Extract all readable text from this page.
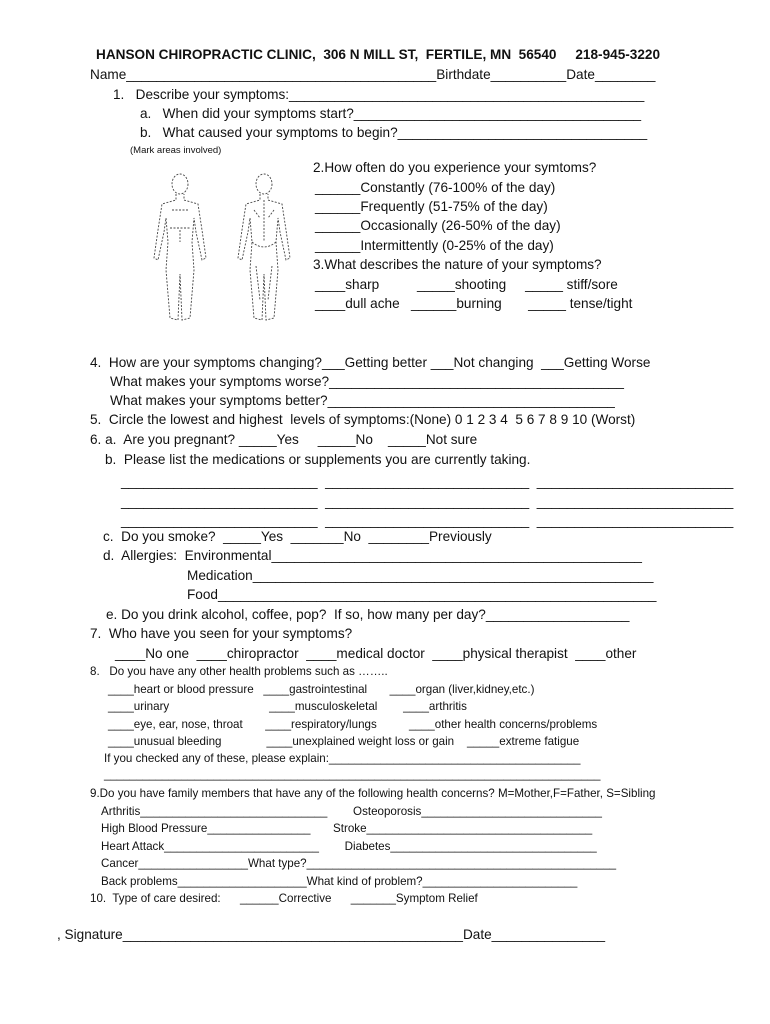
HANSON CHIROPRACTIC CLINIC,  306 N MILL ST,  FERTILE, MN  56540     218-945-3220
Name_________________________________________Birthdate__________Date________
1.   Describe your symptoms:_______________________________________________
a.   When did your symptoms start?______________________________________
b.   What caused your symptoms to begin?_________________________________
(Mark areas involved)
2.How often do you experience your symtoms?
______Constantly (76-100% of the day)
______Frequently (51-75% of the day)
______Occasionally (26-50% of the day)
______Intermittently (0-25% of the day)
3.What describes the nature of your symptoms?
____sharp          _____shooting     _____ stiff/sore
____dull ache   ______burning       _____ tense/tight
4.  How are your symptoms changing?___Getting better ___Not changing  ___Getting Worse
What makes your symptoms worse?_______________________________________
What makes your symptoms better?______________________________________
5.  Circle the lowest and highest  levels of symptoms:(None) 0 1 2 3 4  5 6 7 8 9 10 (Worst)
6. a.  Are you pregnant? _____Yes     _____No    _____Not sure
b.  Please list the medications or supplements you are currently taking.
__________________________  ___________________________  __________________________
__________________________  ___________________________  __________________________
__________________________  ___________________________  __________________________
c.  Do you smoke?  _____Yes  _______No  ________Previously
d.  Allergies:  Environmental_________________________________________________
Medication_____________________________________________________
Food__________________________________________________________
e. Do you drink alcohol, coffee, pop?  If so, how many per day?___________________
7.  Who have you seen for your symptoms?
____No one  ____chiropractor  ____medical doctor  ____physical therapist  ____other
8.   Do you have any other health problems such as ……..
____heart or blood pressure   ____gastrointestinal       ____organ (liver,kidney,etc.)
____urinary                               ____musculoskeletal        ____arthritis
____eye, ear, nose, throat       ____respiratory/lungs          ____other health concerns/problems
____unusual bleeding              ____unexplained weight loss or gain    _____extreme fatigue
If you checked any of these, please explain:_______________________________________
_____________________________________________________________________________
9.Do you have family members that have any of the following health concerns? M=Mother,F=Father, S=Sibling
Arthritis_____________________________        Osteoporosis____________________________
High Blood Pressure________________       Stroke___________________________________
Heart Attack________________________        Diabetes________________________________
Cancer_________________What type?________________________________________________
Back problems____________________What kind of problem?________________________
10.  Type of care desired:      ______Corrective      _______Symptom Relief
, Signature_____________________________________________Date_______________
